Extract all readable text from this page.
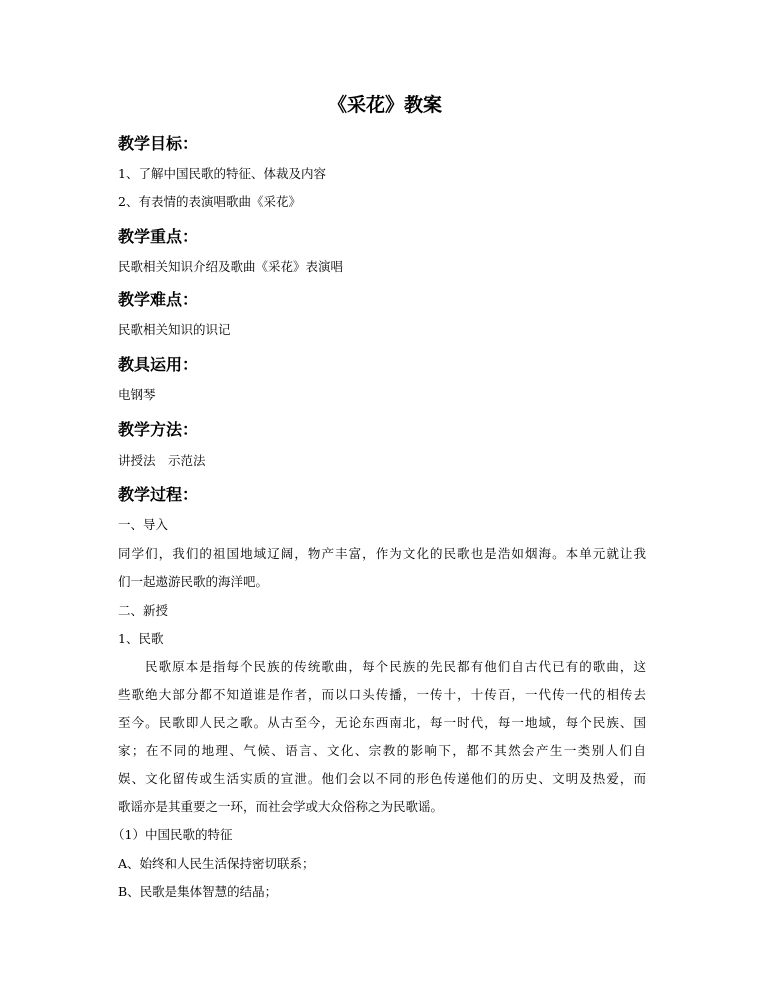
《采花》教案
教学目标：
1、了解中国民歌的特征、体裁及内容
2、有表情的表演唱歌曲《采花》
教学重点：
民歌相关知识介绍及歌曲《采花》表演唱
教学难点：
民歌相关知识的识记
教具运用：
电钢琴
教学方法：
讲授法　示范法
教学过程：
一、导入
同学们，我们的祖国地域辽阔，物产丰富，作为文化的民歌也是浩如烟海。本单元就让我
们一起遨游民歌的海洋吧。
二、新授
1、民歌
民歌原本是指每个民族的传统歌曲，每个民族的先民都有他们自古代已有的歌曲，这
些歌绝大部分都不知道谁是作者，而以口头传播，一传十，十传百，一代传一代的相传去
至今。民歌即人民之歌。从古至今，无论东西南北，每一时代，每一地域，每个民族、国
家；在不同的地理、气候、语言、文化、宗教的影响下，都不其然会产生一类别人们自
娱、文化留传或生活实质的宣泄。他们会以不同的形色传递他们的历史、文明及热爱，而
歌谣亦是其重要之一环，而社会学或大众俗称之为民歌谣。
（1）中国民歌的特征
A、始终和人民生活保持密切联系；
B、民歌是集体智慧的结晶；
